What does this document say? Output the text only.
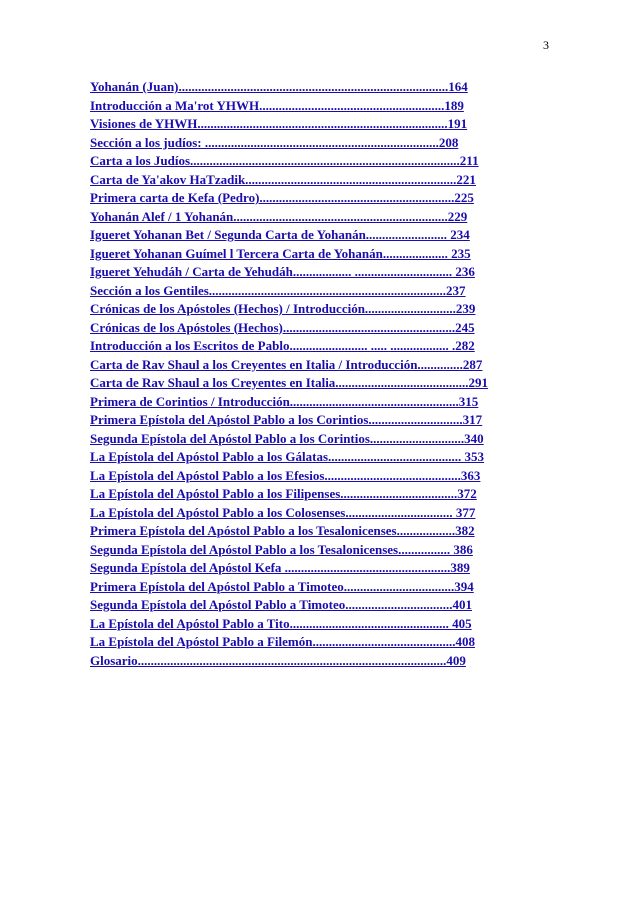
3
Yohanán (Juan)...................................................................................164
Introducción a Ma'rot YHWH.........................................................189
Visiones de YHWH.............................................................................191
Sección a los judíos: ........................................................................208
Carta a los Judíos...................................................................................211
Carta de Ya'akov HaTzadik.................................................................221
Primera carta de Kefa (Pedro)............................................................225
Yohanán Alef / 1 Yohanán..................................................................229
Igueret Yohanan Bet / Segunda Carta de Yohanán......................... 234
Igueret Yohanan Guímel l Tercera Carta de Yohanán.................... 235
Igueret Yehudáh / Carta de Yehudáh.................. .............................. 236
Sección a los Gentiles.........................................................................237
Crónicas de los Apóstoles (Hechos) / Introducción............................239
Crónicas de los Apóstoles (Hechos).....................................................245
Introducción a los Escritos de Pablo........................ ..... .................. .282
Carta de Rav Shaul a los Creyentes en Italia / Introducción..............287
Carta de Rav Shaul a los Creyentes en Italia.........................................291
Primera de Corintios / Introducción....................................................315
Primera Epístola del Apóstol Pablo a los Corintios.............................317
Segunda Epístola del Apóstol Pablo a los Corintios.............................340
La Epístola del Apóstol Pablo a los Gálatas......................................... 353
La Epístola del Apóstol Pablo a los Efesios..........................................363
La Epístola del Apóstol Pablo a los Filipenses....................................372
La Epístola del Apóstol Pablo a los Colosenses................................. 377
Primera Epístola del Apóstol Pablo a los Tesalonicenses..................382
Segunda Epístola del Apóstol Pablo a los Tesalonicenses................ 386
Segunda Epístola del Apóstol Kefa ...................................................389
Primera Epístola del Apóstol Pablo a Timoteo..................................394
Segunda Epístola del Apóstol Pablo a Timoteo.................................401
La Epístola del Apóstol Pablo a Tito................................................. 405
La Epístola del Apóstol Pablo a Filemón............................................408
Glosario...............................................................................................409
